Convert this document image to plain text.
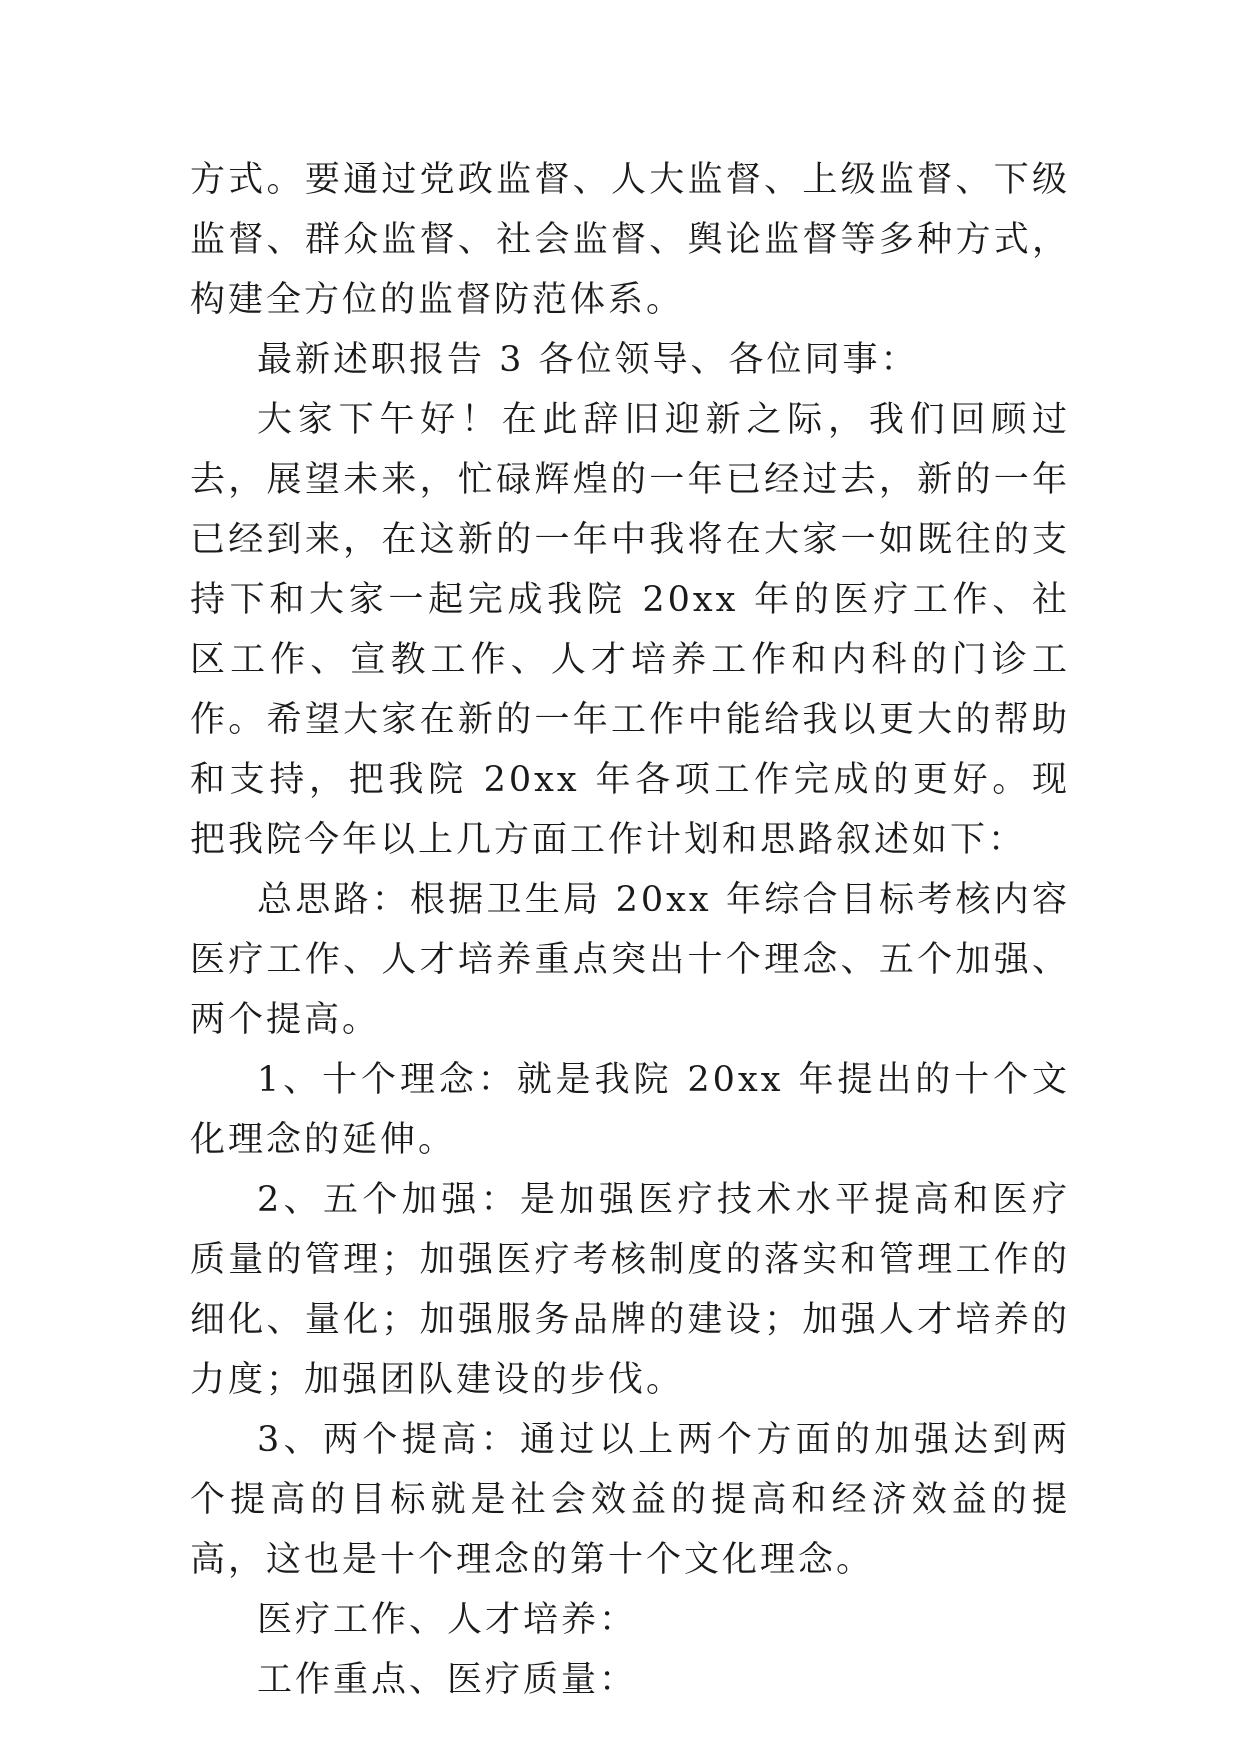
方式。要通过党政监督、人大监督、上级监督、下级监督、群众监督、社会监督、舆论监督等多种方式，构建全方位的监督防范体系。

最新述职报告 3 各位领导、各位同事：

大家下午好！在此辞旧迎新之际，我们回顾过去，展望未来，忙碌辉煌的一年已经过去，新的一年已经到来，在这新的一年中我将在大家一如既往的支持下和大家一起完成我院 20xx 年的医疗工作、社区工作、宣教工作、人才培养工作和内科的门诊工作。希望大家在新的一年工作中能给我以更大的帮助和支持，把我院 20xx 年各项工作完成的更好。现把我院今年以上几方面工作计划和思路叙述如下：

总思路：根据卫生局 20xx 年综合目标考核内容医疗工作、人才培养重点突出十个理念、五个加强、两个提高。

1、十个理念：就是我院 20xx 年提出的十个文化理念的延伸。

2、五个加强：是加强医疗技术水平提高和医疗质量的管理；加强医疗考核制度的落实和管理工作的细化、量化；加强服务品牌的建设；加强人才培养的力度；加强团队建设的步伐。

3、两个提高：通过以上两个方面的加强达到两个提高的目标就是社会效益的提高和经济效益的提高，这也是十个理念的第十个文化理念。

医疗工作、人才培养：

工作重点、医疗质量：
